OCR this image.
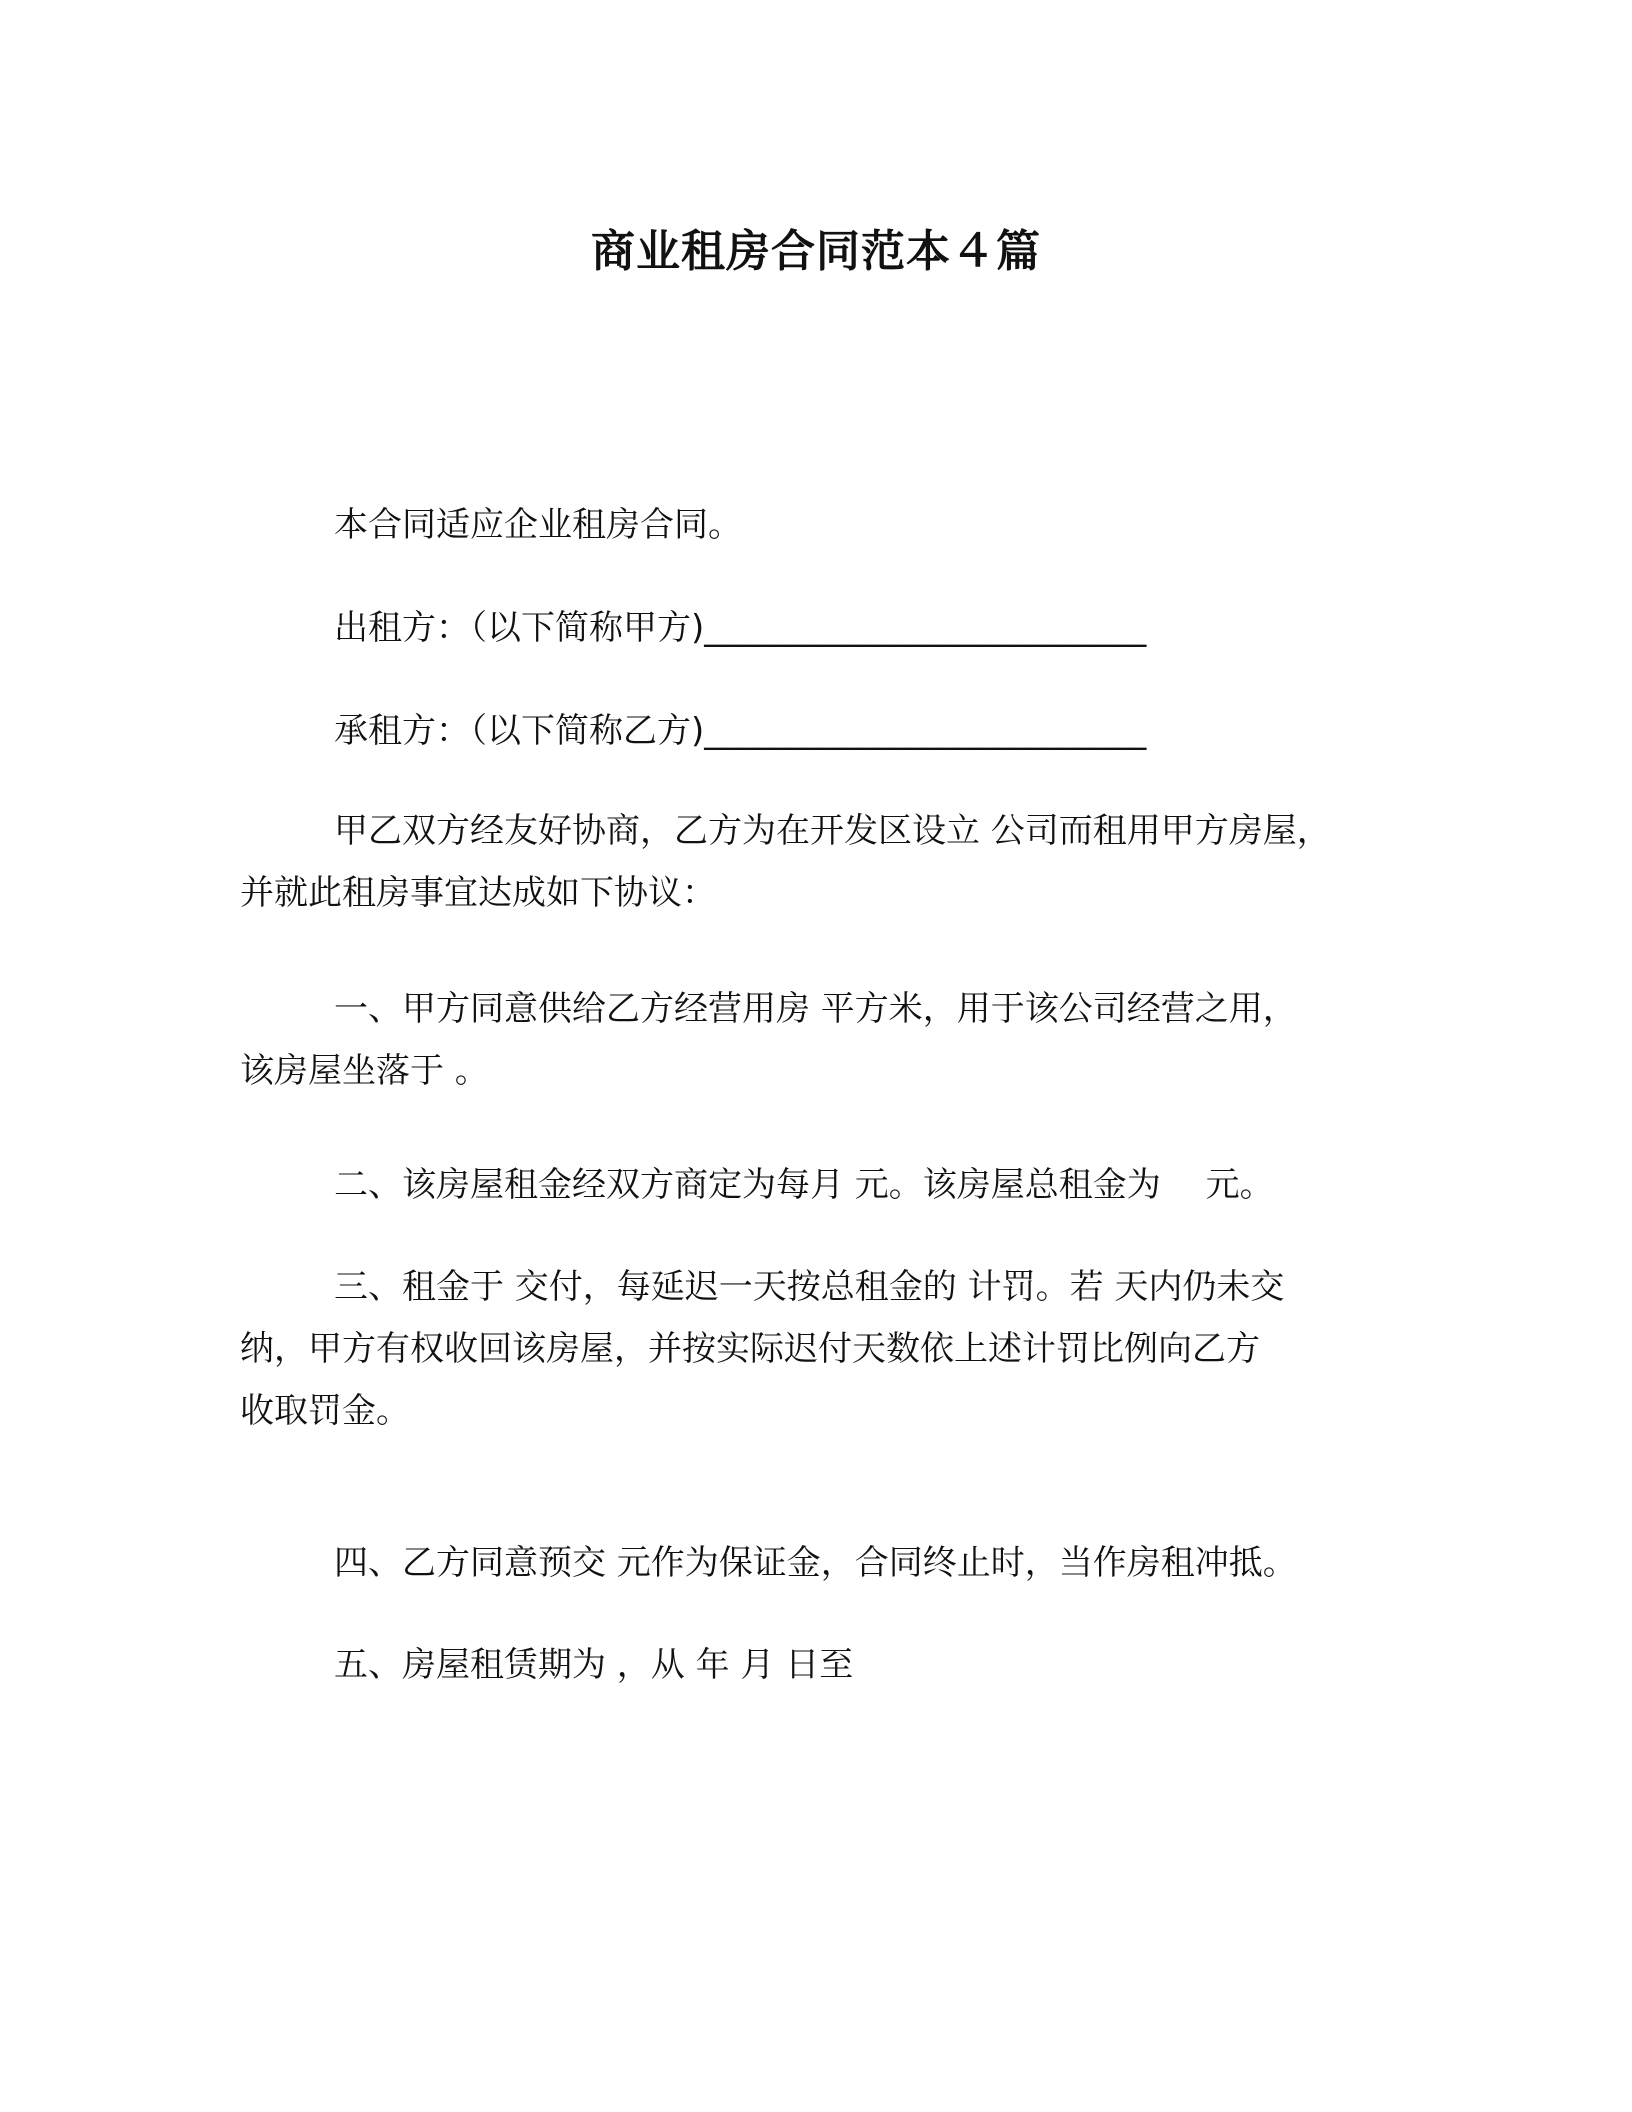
商业租房合同范本４篇
本合同适应企业租房合同。
出租方：（以下简称甲方)__________________________
承租方：（以下简称乙方)__________________________
甲乙双方经友好协商，乙方为在开发区设立 公司而租用甲方房屋，
并就此租房事宜达成如下协议：
一、甲方同意供给乙方经营用房 平方米，用于该公司经营之用，
该房屋坐落于 。
二、该房屋租金经双方商定为每月 元。该房屋总租金为　 元。
三、租金于 交付，每延迟一天按总租金的 计罚。若 天内仍未交
纳，甲方有权收回该房屋，并按实际迟付天数依上述计罚比例向乙方
收取罚金。
四、乙方同意预交 元作为保证金，合同终止时，当作房租冲抵。
五、房屋租赁期为 ，从 年 月 日至
